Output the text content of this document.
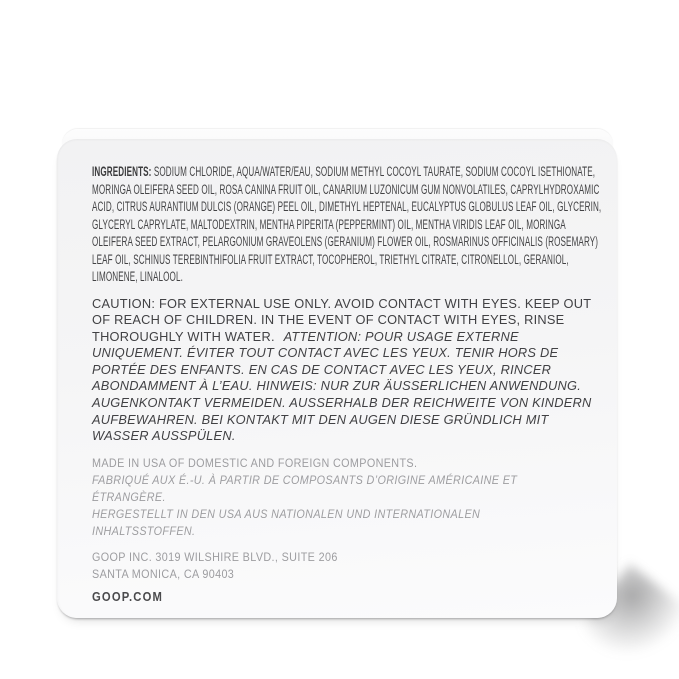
INGREDIENTS: SODIUM CHLORIDE, AQUA/WATER/EAU, SODIUM METHYL COCOYL TAURATE, SODIUM COCOYL ISETHIONATE, MORINGA OLEIFERA SEED OIL, ROSA CANINA FRUIT OIL, CANARIUM LUZONICUM GUM NONVOLATILES, CAPRYLHYDROXAMIC ACID, CITRUS AURANTIUM DULCIS (ORANGE) PEEL OIL, DIMETHYL HEPTENAL, EUCALYPTUS GLOBULUS LEAF OIL, GLYCERIN, GLYCERYL CAPRYLATE, MALTODEXTRIN, MENTHA PIPERITA (PEPPERMINT) OIL, MENTHA VIRIDIS LEAF OIL, MORINGA OLEIFERA SEED EXTRACT, PELARGONIUM GRAVEOLENS (GERANIUM) FLOWER OIL, ROSMARINUS OFFICINALIS (ROSEMARY) LEAF OIL, SCHINUS TEREBINTHIFOLIA FRUIT EXTRACT, TOCOPHEROL, TRIETHYL CITRATE, CITRONELLOL, GERANIOL, LIMONENE, LINALOOL.

CAUTION: FOR EXTERNAL USE ONLY. AVOID CONTACT WITH EYES. KEEP OUT OF REACH OF CHILDREN. IN THE EVENT OF CONTACT WITH EYES, RINSE THOROUGHLY WITH WATER. ATTENTION: POUR USAGE EXTERNE UNIQUEMENT. ÉVITER TOUT CONTACT AVEC LES YEUX. TENIR HORS DE PORTÉE DES ENFANTS. EN CAS DE CONTACT AVEC LES YEUX, RINCER ABONDAMMENT À L’EAU. HINWEIS: NUR ZUR ÄUSSERLICHEN ANWENDUNG. AUGENKONTAKT VERMEIDEN. AUSSERHALB DER REICHWEITE VON KINDERN AUFBEWAHREN. BEI KONTAKT MIT DEN AUGEN DIESE GRÜNDLICH MIT WASSER AUSSPÜLEN.

MADE IN USA OF DOMESTIC AND FOREIGN COMPONENTS.
FABRIQUÉ AUX É.-U. À PARTIR DE COMPOSANTS D’ORIGINE AMÉRICAINE ET ÉTRANGÈRE.
HERGESTELLT IN DEN USA AUS NATIONALEN UND INTERNATIONALEN INHALTSSTOFFEN.

GOOP INC. 3019 WILSHIRE BLVD., SUITE 206
SANTA MONICA, CA 90403

GOOP.COM
